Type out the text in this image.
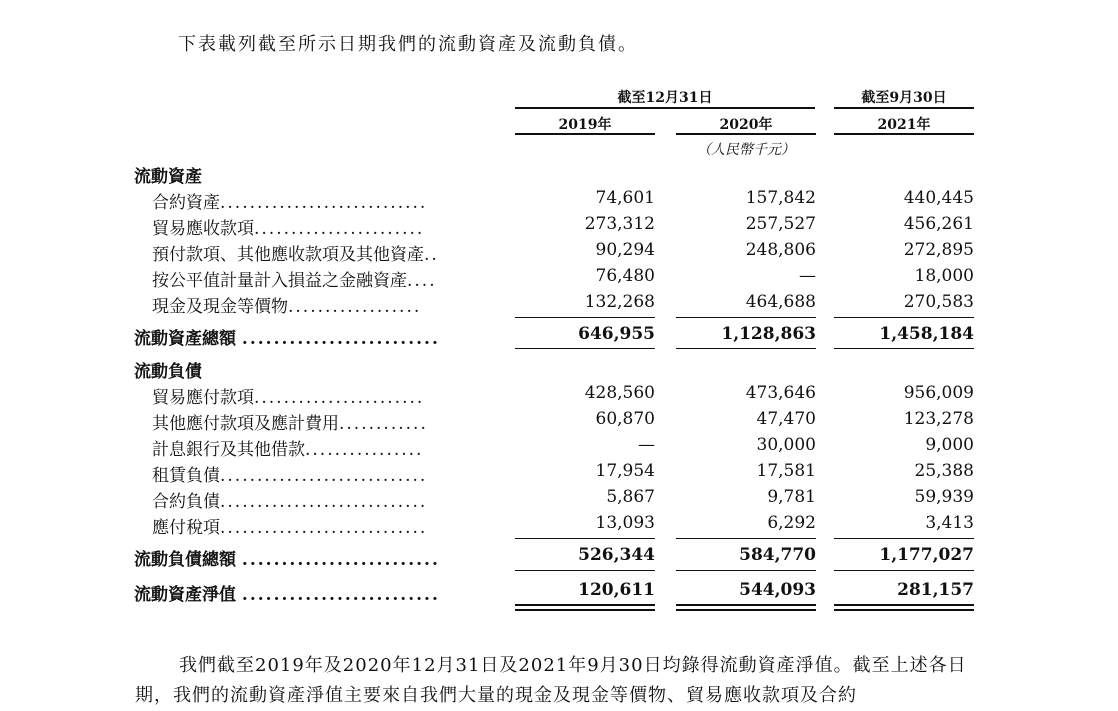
下表載列截至所示日期我們的流動資產及流動負債。
截至12月31日	截至9月30日
2019年	2020年	2021年
（人民幣千元）
流動資產
合約資產............................	74,601	157,842	440,445
貿易應收款項.......................	273,312	257,527	456,261
預付款項、其他應收款項及其他資產..	90,294	248,806	272,895
按公平值計量計入損益之金融資產....	76,480	—	18,000
現金及現金等價物..................	132,268	464,688	270,583
流動資產總額 .........................	646,955	1,128,863	1,458,184
流動負債
貿易應付款項.......................	428,560	473,646	956,009
其他應付款項及應計費用............	60,870	47,470	123,278
計息銀行及其他借款................	—	30,000	9,000
租賃負債............................	17,954	17,581	25,388
合約負債............................	5,867	9,781	59,939
應付稅項............................	13,093	6,292	3,413
流動負債總額 .........................	526,344	584,770	1,177,027
流動資產淨值 .........................	120,611	544,093	281,157
我們截至2019年及2020年12月31日及2021年9月30日均錄得流動資產淨值。截至上述各日期，我們的流動資產淨值主要來自我們大量的現金及現金等價物、貿易應收款項及合約
